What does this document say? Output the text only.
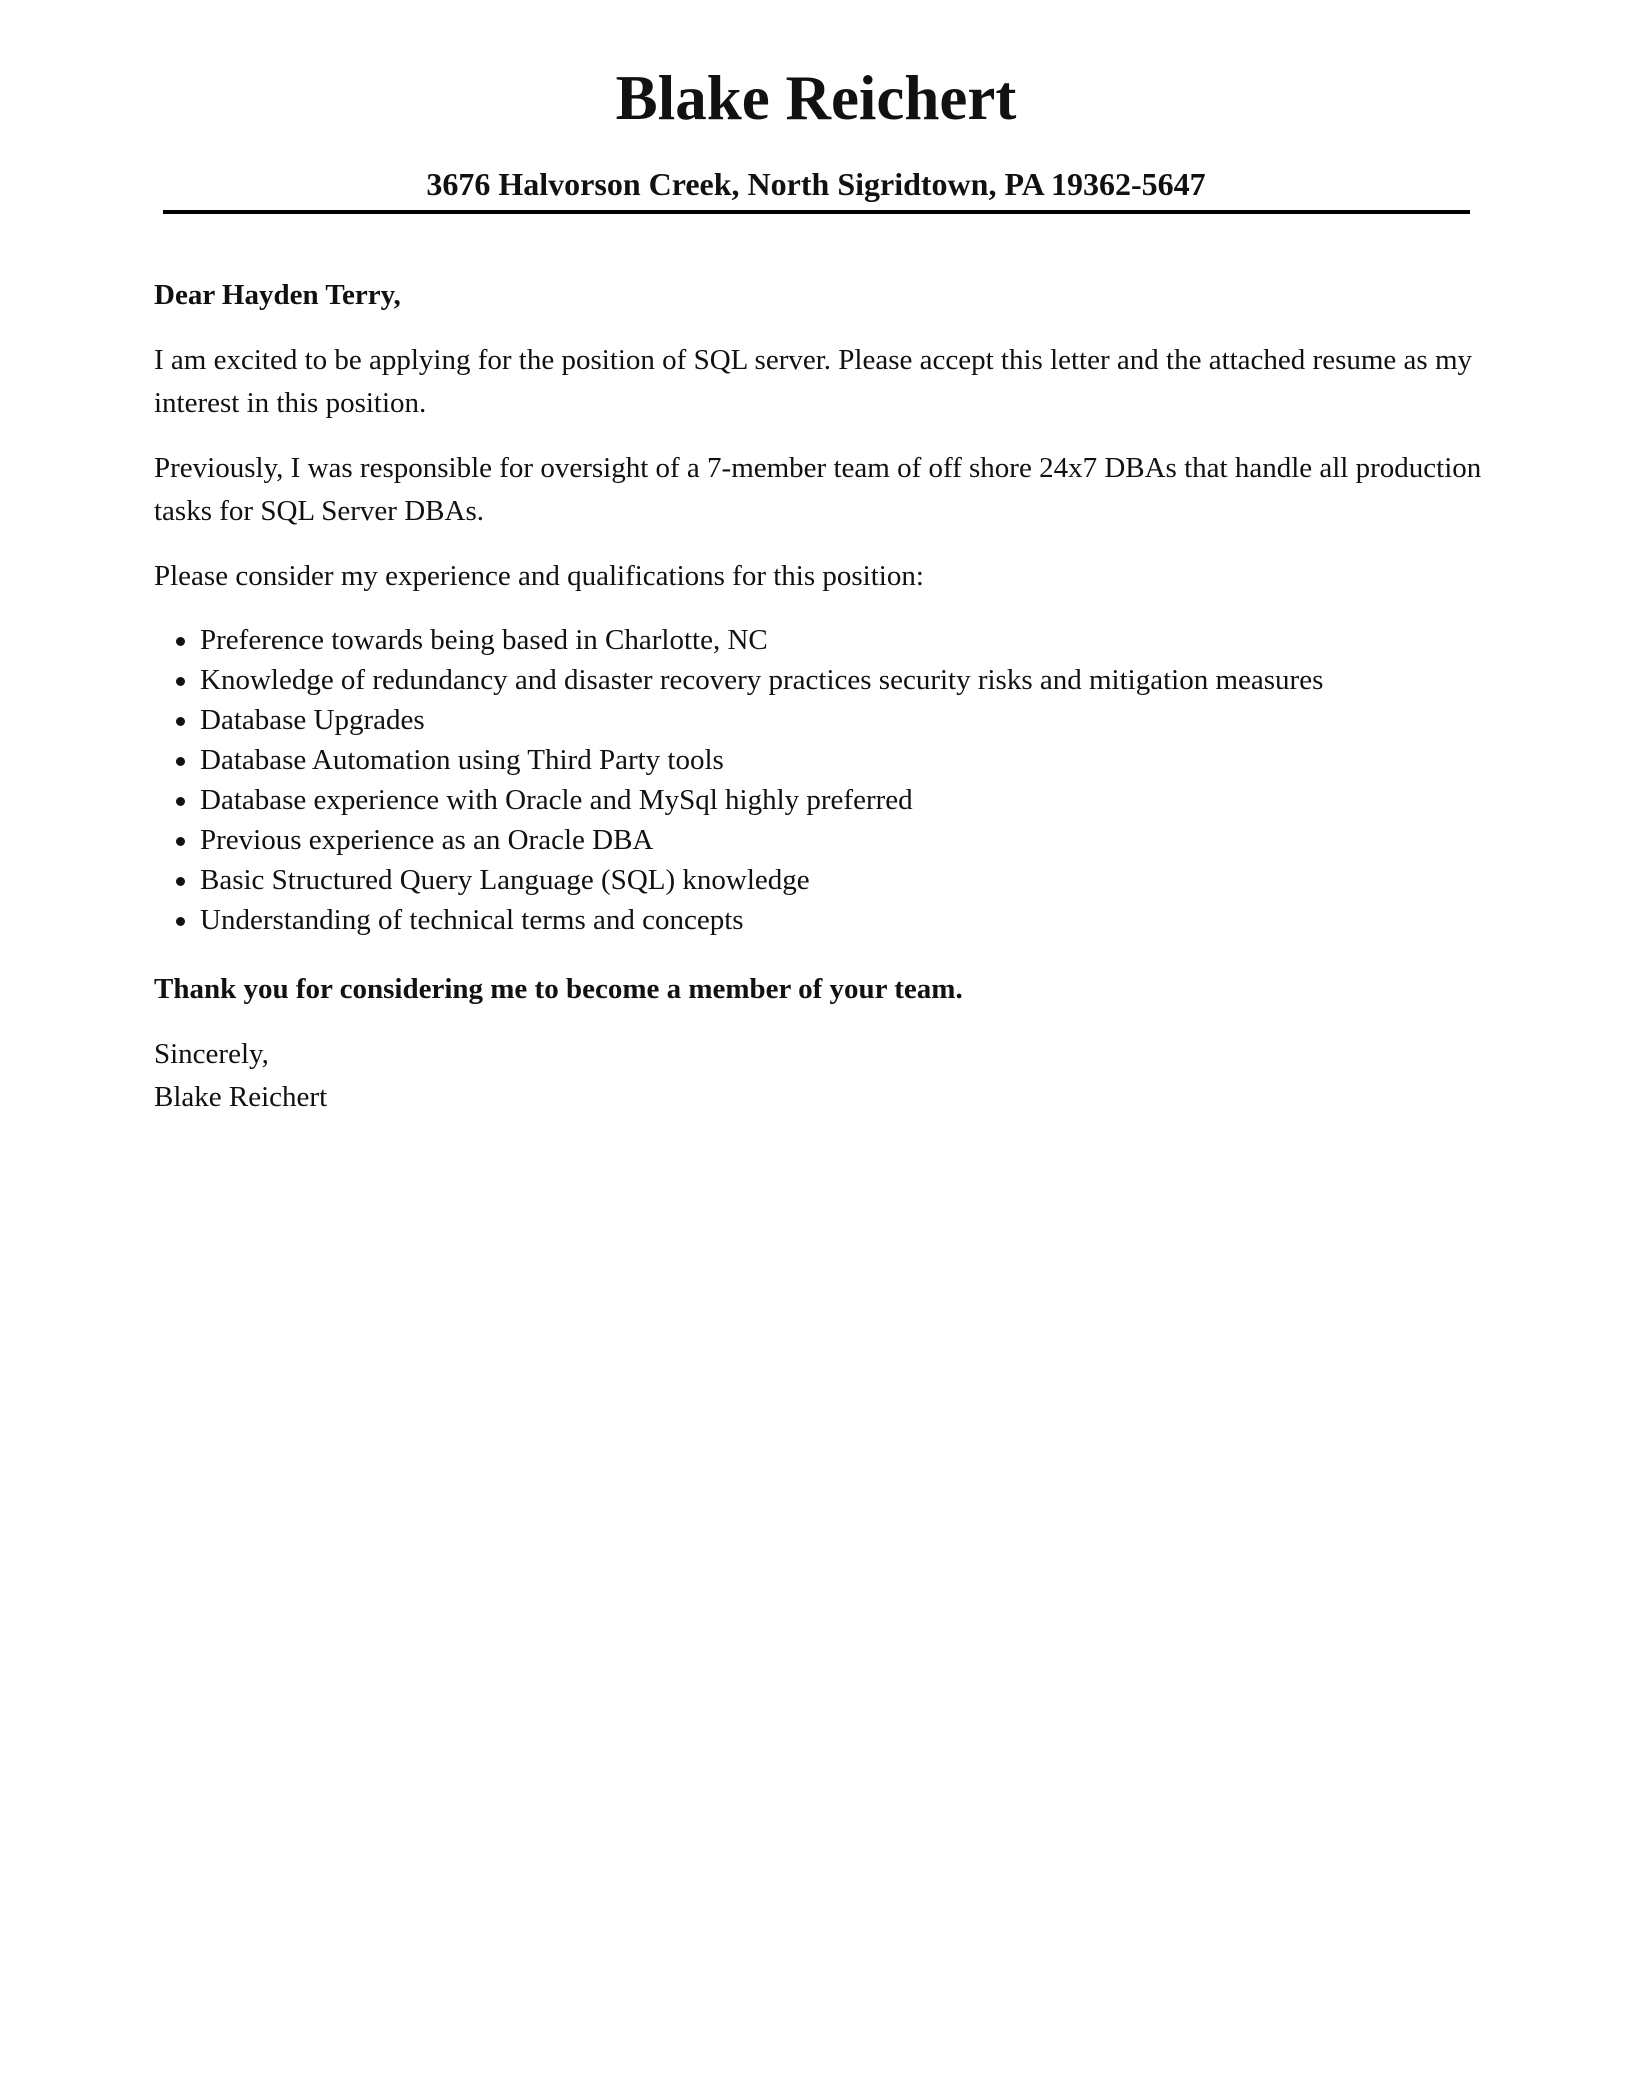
Blake Reichert
3676 Halvorson Creek, North Sigridtown, PA 19362-5647

Dear Hayden Terry,

I am excited to be applying for the position of SQL server. Please accept this letter and the attached resume as my interest in this position.

Previously, I was responsible for oversight of a 7-member team of off shore 24x7 DBAs that handle all production tasks for SQL Server DBAs.

Please consider my experience and qualifications for this position:

Preference towards being based in Charlotte, NC
Knowledge of redundancy and disaster recovery practices security risks and mitigation measures
Database Upgrades
Database Automation using Third Party tools
Database experience with Oracle and MySql highly preferred
Previous experience as an Oracle DBA
Basic Structured Query Language (SQL) knowledge
Understanding of technical terms and concepts

Thank you for considering me to become a member of your team.

Sincerely,

Blake Reichert
